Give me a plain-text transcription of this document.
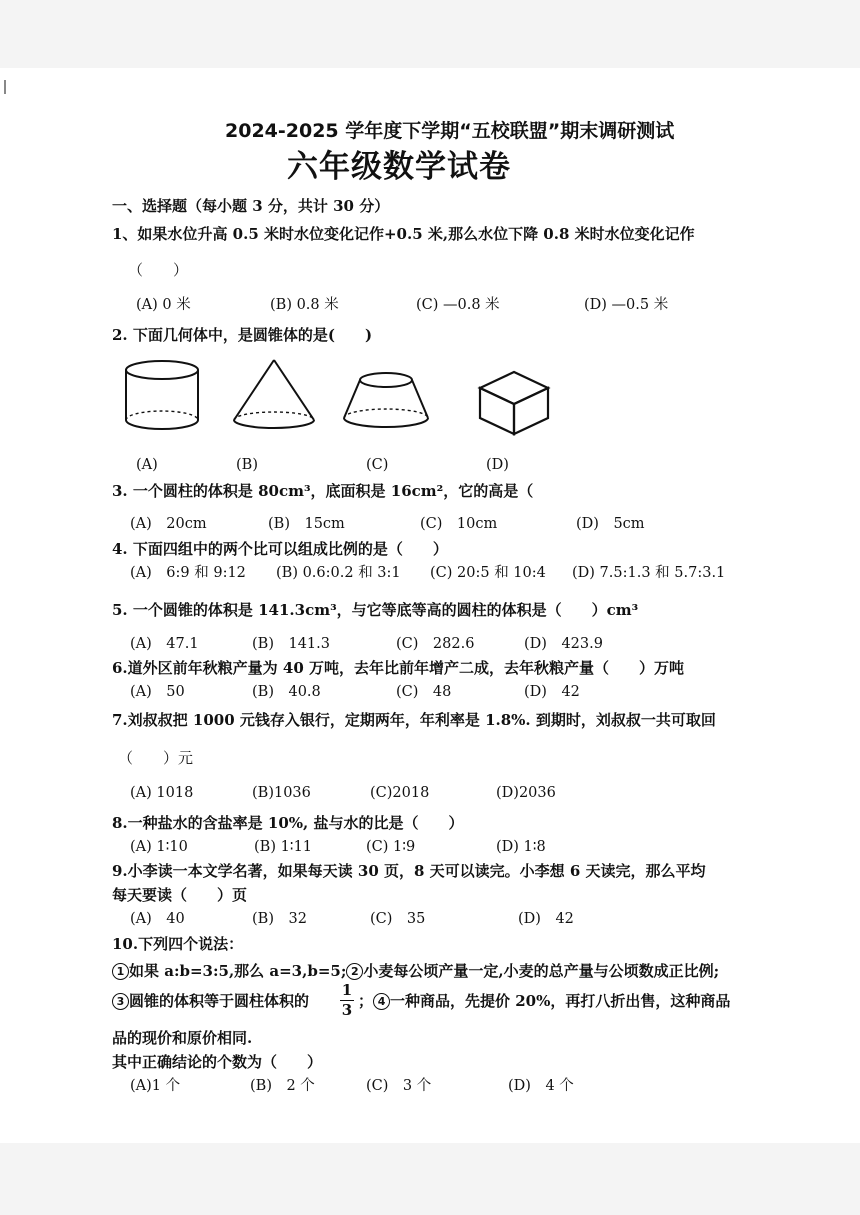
2024-2025 学年度下学期“五校联盟”期末调研测试
六年级数学试卷
一、选择题（每小题 3 分，共计 30 分）
1、如果水位升高 0.5 米时水位变化记作+0.5 米,那么水位下降 0.8 米时水位变化记作
（　　）
(A) 0 米	(B) 0.8 米	(C) —0.8 米	(D) —0.5 米
2. 下面几何体中，是圆锥体的是(　　)
(A)	(B)	(C)	(D)
3. 一个圆柱的体积是 80cm³，底面积是 16cm²，它的高是（
(A)　20cm	(B)　15cm	(C)　10cm	(D)　5cm
4. 下面四组中的两个比可以组成比例的是（　　）
(A)　6:9 和 9:12 (B) 0.6:0.2 和 3:1 (C) 20:5 和 10:4 (D) 7.5:1.3 和 5.7:3.1
5. 一个圆锥的体积是 141.3cm³，与它等底等高的圆柱的体积是（　　）cm³
(A)　47.1	(B)　141.3	(C)　282.6	(D)　423.9
6.道外区前年秋粮产量为 40 万吨，去年比前年增产二成，去年秋粮产量（　　）万吨
(A)　50	(B)　40.8	(C)　48	(D)　42
7.刘叔叔把 1000 元钱存入银行，定期两年，年利率是 1.8%. 到期时，刘叔叔一共可取回
（　　）元
(A) 1018	(B)1036	(C)2018	(D)2036
8.一种盐水的含盐率是 10%, 盐与水的比是（　　）
(A) 1∶10	(B) 1∶11	(C) 1∶9	(D) 1∶8
9.小李读一本文学名著，如果每天读 30 页，8 天可以读完。小李想 6 天读完，那么平均
每天要读（　　）页
(A)　40	(B)　32	(C)　35	(D)　42
10.下列四个说法：
1 如果 a:b=3:5,那么 a=3,b=5; 2 小麦每公顷产量一定,小麦的总产量与公顷数成正比例;
3 圆锥的体积等于圆柱体积的 $\frac{1}{3}$ ； 4 一种商品，先提价 20%，再打八折出售，这种商品
品的现价和原价相同.
其中正确结论的个数为（　　）
(A)1 个	(B)　2 个	(C)　3 个	(D)　4 个
